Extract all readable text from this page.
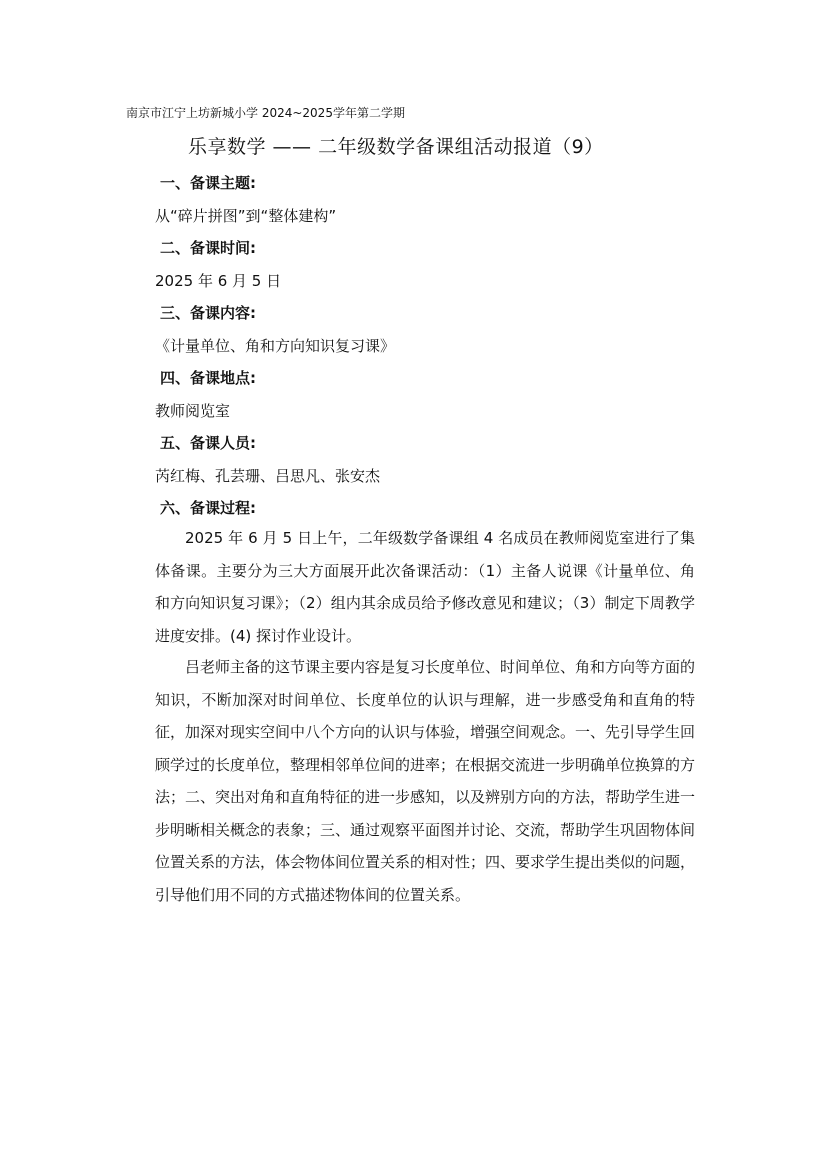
南京市江宁上坊新城小学 2024~2025学年第二学期
乐享数学 —— 二年级数学备课组活动报道（9）
一、备课主题:
从“碎片拼图”到“整体建构”
二、备课时间:
2025 年 6 月 5 日
三、备课内容:
《计量单位、角和方向知识复习课》
四、备课地点:
教师阅览室
五、备课人员:
芮红梅、孔芸珊、吕思凡、张安杰
六、备课过程:
2025 年 6 月 5 日上午，二年级数学备课组 4 名成员在教师阅览室进行了集体备课。主要分为三大方面展开此次备课活动：（1）主备人说课《计量单位、角和方向知识复习课》；（2）组内其余成员给予修改意见和建议；（3）制定下周教学进度安排。(4) 探讨作业设计。
吕老师主备的这节课主要内容是复习长度单位、时间单位、角和方向等方面的知识，不断加深对时间单位、长度单位的认识与理解，进一步感受角和直角的特征，加深对现实空间中八个方向的认识与体验，增强空间观念。一、先引导学生回顾学过的长度单位，整理相邻单位间的进率；在根据交流进一步明确单位换算的方法；二、突出对角和直角特征的进一步感知，以及辨别方向的方法，帮助学生进一步明晰相关概念的表象；三、通过观察平面图并讨论、交流，帮助学生巩固物体间位置关系的方法，体会物体间位置关系的相对性；四、要求学生提出类似的问题，引导他们用不同的方式描述物体间的位置关系。
